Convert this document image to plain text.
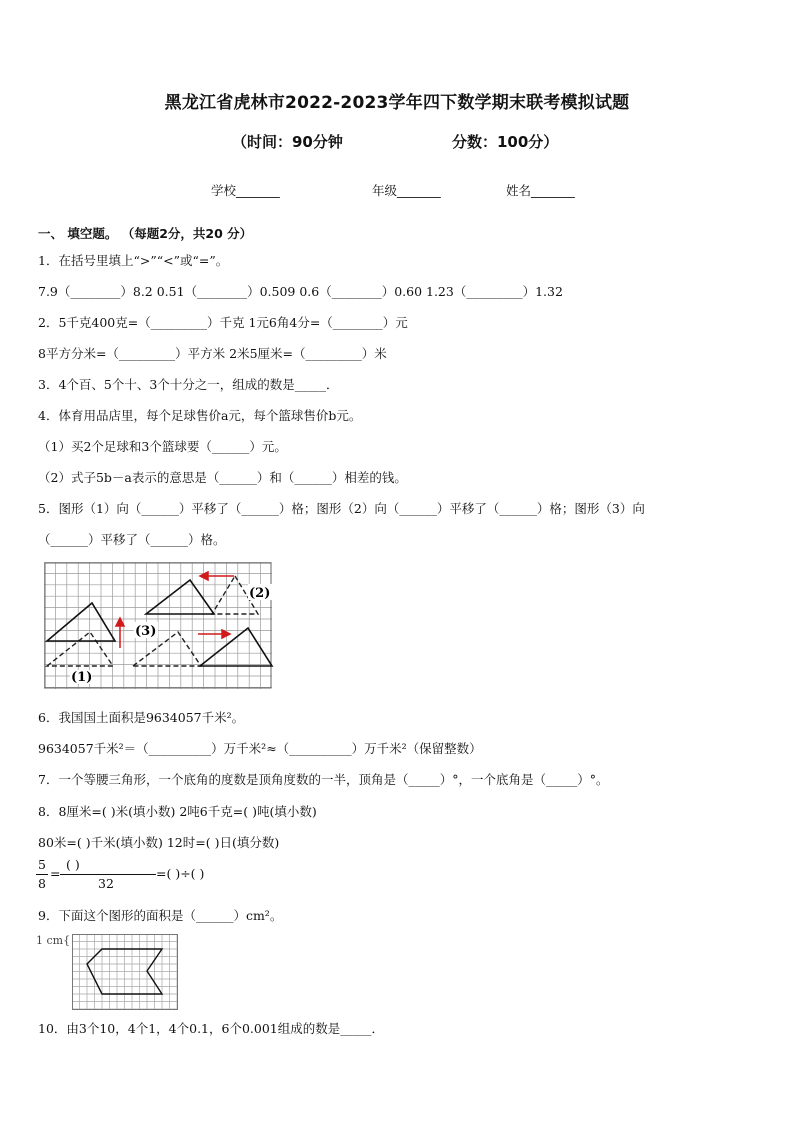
黑龙江省虎林市2022-2023学年四下数学期末联考模拟试题
（时间：90分钟	分数：100分）
学校_______	年级_______	姓名_______
一、 填空题。 （每题2分，共20 分）
1．在括号里填上“>”“<”或“=”。
7.9（________）8.2 0.51（________）0.509 0.6（________）0.60 1.23（_________）1.32
2．5千克400克=（_________）千克 1元6角4分=（________）元
8平方分米=（_________）平方米 2米5厘米=（_________）米
3．4个百、5个十、3个十分之一，组成的数是_____．
4．体育用品店里，每个足球售价a元，每个篮球售价b元。
（1）买2个足球和3个篮球要（______）元。
（2）式子5b－a表示的意思是（______）和（______）相差的钱。
5．图形（1）向（______）平移了（______）格；图形（2）向（______）平移了（______）格；图形（3）向
（______）平移了（______）格。
(1)
(2)
(3)
6．我国国土面积是9634057千米²。
9634057千米²＝（__________）万千米²≈（__________）万千米²（保留整数）
7．一个等腰三角形，一个底角的度数是顶角度数的一半，顶角是（_____）°，一个底角是（_____）°。
8．8厘米=( )米(填小数) 2吨6千克=( )吨(填小数)
80米=( )千米(填小数) 12时=( )日(填分数)
5
8
=
( )
32
=( )÷( )
9．下面这个图形的面积是（______）cm²。
1 cm{
10．由3个10，4个1，4个0.1，6个0.001组成的数是_____．
